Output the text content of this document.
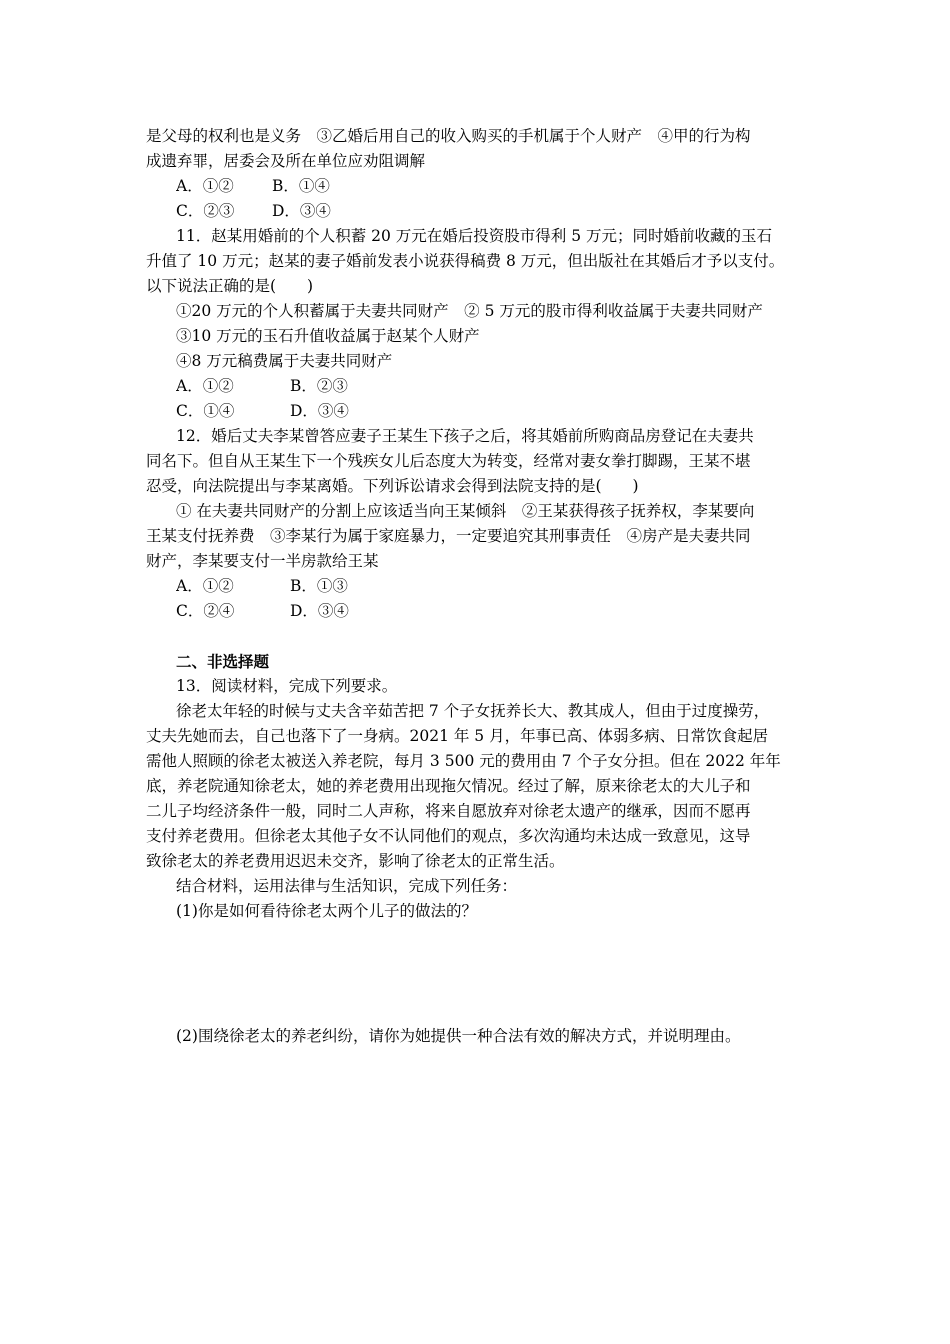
是父母的权利也是义务　③乙婚后用自己的收入购买的手机属于个人财产　④甲的行为构
成遗弃罪，居委会及所在单位应劝阻调解
A．①②	B．①④
C．②③	D．③④
11．赵某用婚前的个人积蓄 20 万元在婚后投资股市得利 5 万元；同时婚前收藏的玉石
升值了 10 万元；赵某的妻子婚前发表小说获得稿费 8 万元，但出版社在其婚后才予以支付。
以下说法正确的是(　　)
①20 万元的个人积蓄属于夫妻共同财产　② 5 万元的股市得利收益属于夫妻共同财产
③10 万元的玉石升值收益属于赵某个人财产
④8 万元稿费属于夫妻共同财产
A．①②	B．②③
C．①④	D．③④
12．婚后丈夫李某曾答应妻子王某生下孩子之后，将其婚前所购商品房登记在夫妻共
同名下。但自从王某生下一个残疾女儿后态度大为转变，经常对妻女拳打脚踢，王某不堪
忍受，向法院提出与李某离婚。下列诉讼请求会得到法院支持的是(　　)
① 在夫妻共同财产的分割上应该适当向王某倾斜　②王某获得孩子抚养权，李某要向
王某支付抚养费　③李某行为属于家庭暴力，一定要追究其刑事责任　④房产是夫妻共同
财产，李某要支付一半房款给王某
A．①②	B．①③
C．②④	D．③④
二、非选择题
13．阅读材料，完成下列要求。
徐老太年轻的时候与丈夫含辛茹苦把 7 个子女抚养长大、教其成人，但由于过度操劳，
丈夫先她而去，自己也落下了一身病。2021 年 5 月，年事已高、体弱多病、日常饮食起居
需他人照顾的徐老太被送入养老院，每月 3 500 元的费用由 7 个子女分担。但在 2022 年年
底，养老院通知徐老太，她的养老费用出现拖欠情况。经过了解，原来徐老太的大儿子和
二儿子均经济条件一般，同时二人声称，将来自愿放弃对徐老太遗产的继承，因而不愿再
支付养老费用。但徐老太其他子女不认同他们的观点，多次沟通均未达成一致意见，这导
致徐老太的养老费用迟迟未交齐，影响了徐老太的正常生活。
结合材料，运用法律与生活知识，完成下列任务：
(1)你是如何看待徐老太两个儿子的做法的？
(2)围绕徐老太的养老纠纷，请你为她提供一种合法有效的解决方式，并说明理由。
